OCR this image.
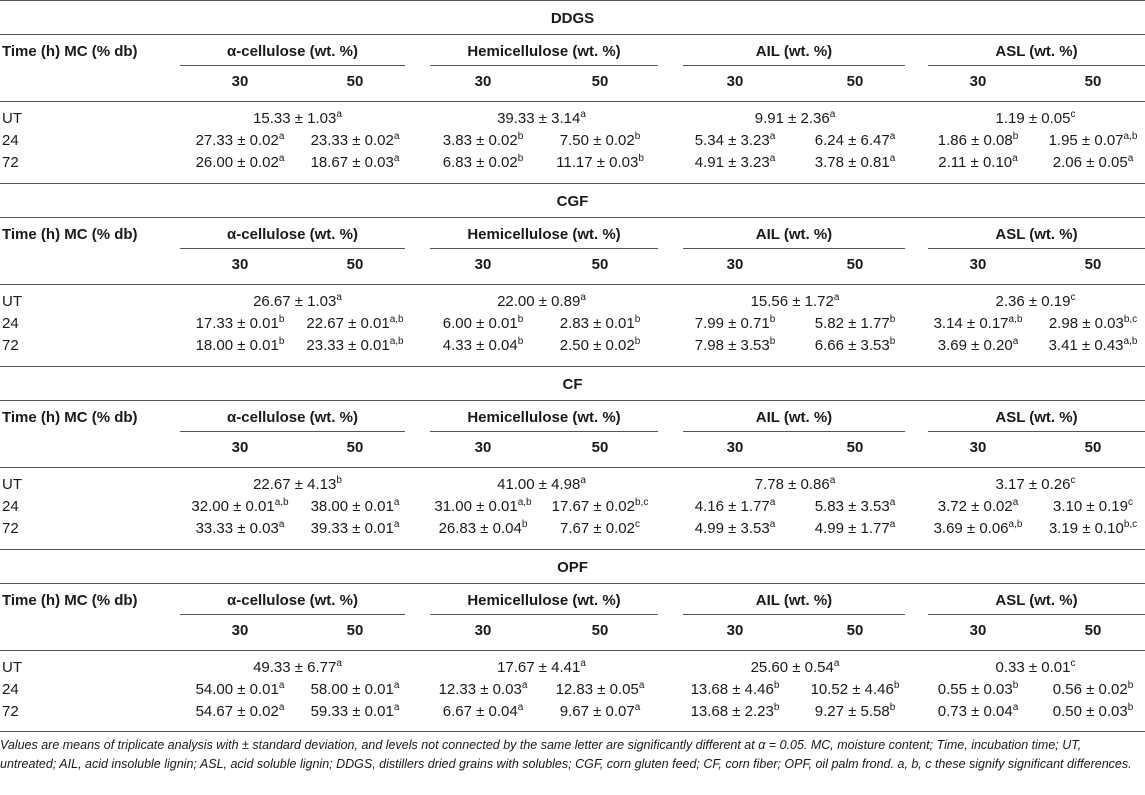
DDGS
Time (h) MC (% db)	α-cellulose (wt. %)
30	50
Hemicellulose (wt. %)
30	50
AIL (wt. %)
30	50
ASL (wt. %)
30	50
UT	15.33 ± 1.03$^a$	39.33 ± 3.14$^a$	9.91 ± 2.36$^a$	1.19 ± 0.05$^c$
24	27.33 ± 0.02$^a$	23.33 ± 0.02$^a$	3.83 ± 0.02$^b$	7.50 ± 0.02$^b$	5.34 ± 3.23$^a$	6.24 ± 6.47$^a$	1.86 ± 0.08$^b$	$1.95 \pm 0.07^{a,b}$
72	26.00 ± 0.02$^a$	18.67 ± 0.03$^a$	6.83 ± 0.02$^b$	11.17 ± 0.03$^b$	4.91 ± 3.23$^a$	3.78 ± 0.81$^a$	2.11 ± 0.10$^a$	2.06 ± 0.05$^a$
CGF
Time (h) MC (% db)	α-cellulose (wt. %)
30	50
Hemicellulose (wt. %)
30	50
AIL (wt. %)
30	50
ASL (wt. %)
30	50
UT	26.67 ± 1.03$^a$	22.00 ± 0.89$^a$	15.56 ± 1.72$^a$	2.36 ± 0.19$^c$
24	17.33 ± 0.01$^b$	$22.67 \pm 0.01^{a,b}$	6.00 ± 0.01$^b$	2.83 ± 0.01$^b$	7.99 ± 0.71$^b$	5.82 ± 1.77$^b$	$3.14 \pm 0.17^{a,b}$	$2.98 \pm 0.03^{b,c}$
72	18.00 ± 0.01$^b$	$23.33 \pm 0.01^{a,b}$	4.33 ± 0.04$^b$	2.50 ± 0.02$^b$	7.98 ± 3.53$^b$	6.66 ± 3.53$^b$	3.69 ± 0.20$^a$	$3.41 \pm 0.43^{a,b}$
CF
Time (h) MC (% db)	α-cellulose (wt. %)
30	50
Hemicellulose (wt. %)
30	50
AIL (wt. %)
30	50
ASL (wt. %)
30	50
UT	22.67 ± 4.13$^b$	41.00 ± 4.98$^a$	7.78 ± 0.86$^a$	3.17 ± 0.26$^c$
24	$32.00 \pm 0.01^{a,b}$	38.00 ± 0.01$^a$	$31.00 \pm 0.01^{a,b}$	$17.67 \pm 0.02^{b,c}$	4.16 ± 1.77$^a$	5.83 ± 3.53$^a$	3.72 ± 0.02$^a$	3.10 ± 0.19$^c$
72	33.33 ± 0.03$^a$	39.33 ± 0.01$^a$	26.83 ± 0.04$^b$	7.67 ± 0.02$^c$	4.99 ± 3.53$^a$	4.99 ± 1.77$^a$	$3.69 \pm 0.06^{a,b}$	$3.19 \pm 0.10^{b,c}$
OPF
Time (h) MC (% db)	α-cellulose (wt. %)
30	50
Hemicellulose (wt. %)
30	50
AIL (wt. %)
30	50
ASL (wt. %)
30	50
UT	49.33 ± 6.77$^a$	17.67 ± 4.41$^a$	25.60 ± 0.54$^a$	0.33 ± 0.01$^c$
24	54.00 ± 0.01$^a$	58.00 ± 0.01$^a$	12.33 ± 0.03$^a$	12.83 ± 0.05$^a$	13.68 ± 4.46$^b$	10.52 ± 4.46$^b$	0.55 ± 0.03$^b$	0.56 ± 0.02$^b$
72	54.67 ± 0.02$^a$	59.33 ± 0.01$^a$	6.67 ± 0.04$^a$	9.67 ± 0.07$^a$	13.68 ± 2.23$^b$	9.27 ± 5.58$^b$	0.73 ± 0.04$^a$	0.50 ± 0.03$^b$
Values are means of triplicate analysis with ± standard deviation, and levels not connected by the same letter are significantly different at α = 0.05. MC, moisture content; Time, incubation time; UT, untreated; AIL, acid insoluble lignin; ASL, acid soluble lignin; DDGS, distillers dried grains with solubles; CGF, corn gluten feed; CF, corn fiber; OPF, oil palm frond. a, b, c these signify significant differences.
